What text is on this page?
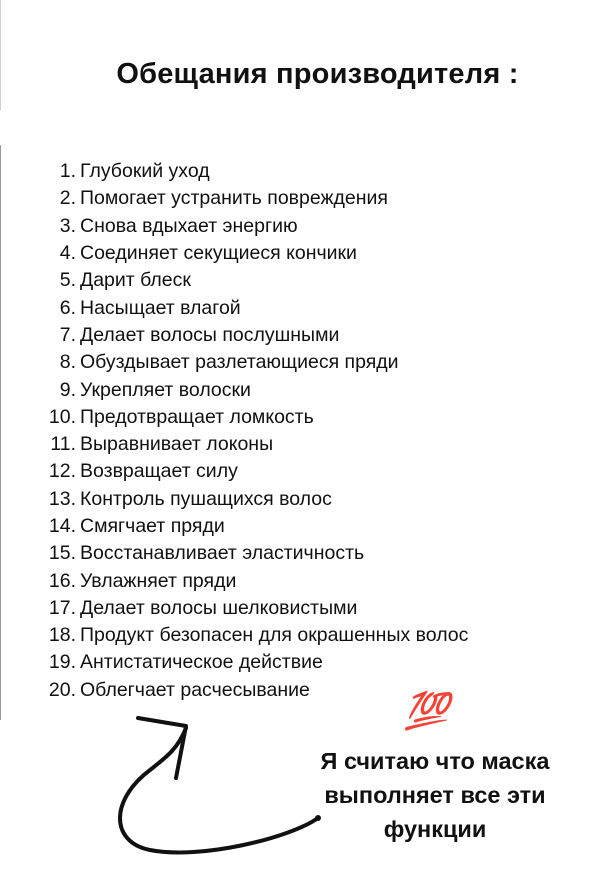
Обещания производителя :
1. Глубокий уход
2. Помогает устранить повреждения
3. Снова вдыхает энергию
4. Соединяет секущиеся кончики
5. Дарит блеск
6. Насыщает влагой
7. Делает волосы послушными
8. Обуздывает разлетающиеся пряди
9. Укрепляет волоски
10. Предотвращает ломкость
11. Выравнивает локоны
12. Возвращает силу
13. Контроль пушащихся волос
14. Смягчает пряди
15. Восстанавливает эластичность
16. Увлажняет пряди
17. Делает волосы шелковистыми
18. Продукт безопасен для окрашенных волос
19. Антистатическое действие
20. Облегчает расчесывание
💯
Я считаю что маска
выполняет все эти
функции
